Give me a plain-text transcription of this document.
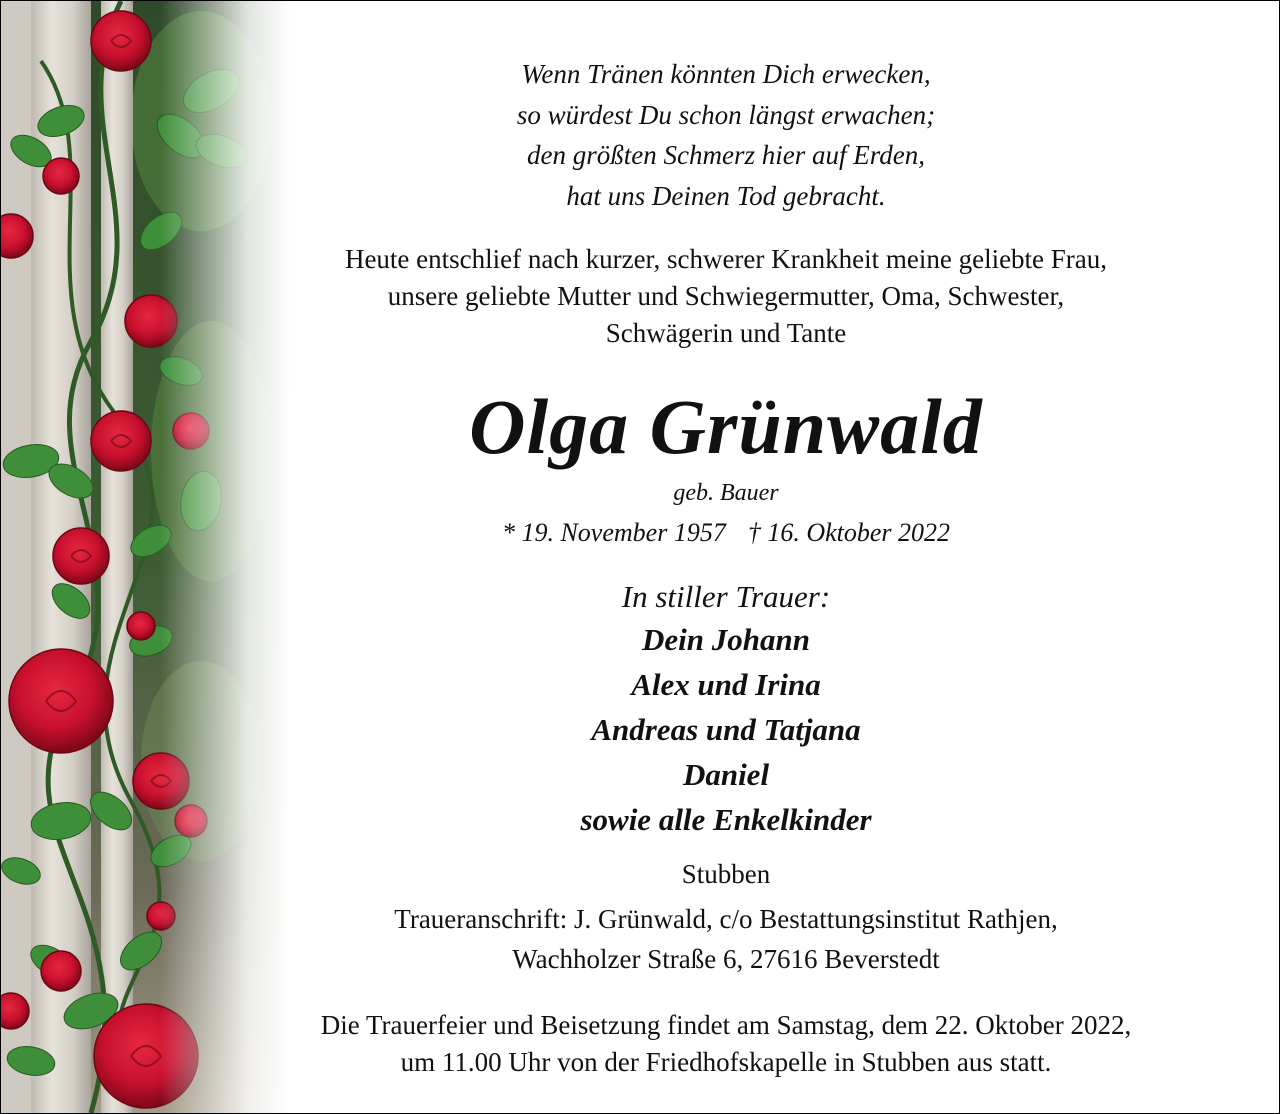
Wenn Tränen könnten Dich erwecken,
so würdest Du schon längst erwachen;
den größten Schmerz hier auf Erden,
hat uns Deinen Tod gebracht.
Heute entschlief nach kurzer, schwerer Krankheit meine geliebte Frau,
unsere geliebte Mutter und Schwiegermutter, Oma, Schwester,
Schwägerin und Tante
Olga Grünwald
geb. Bauer
* 19. November 1957 † 16. Oktober 2022
In stiller Trauer:
Dein Johann
Alex und Irina
Andreas und Tatjana
Daniel
sowie alle Enkelkinder
Stubben
Traueranschrift: J. Grünwald, c/o Bestattungsinstitut Rathjen,
Wachholzer Straße 6, 27616 Beverstedt
Die Trauerfeier und Beisetzung findet am Samstag, dem 22. Oktober 2022,
um 11.00 Uhr von der Friedhofskapelle in Stubben aus statt.
